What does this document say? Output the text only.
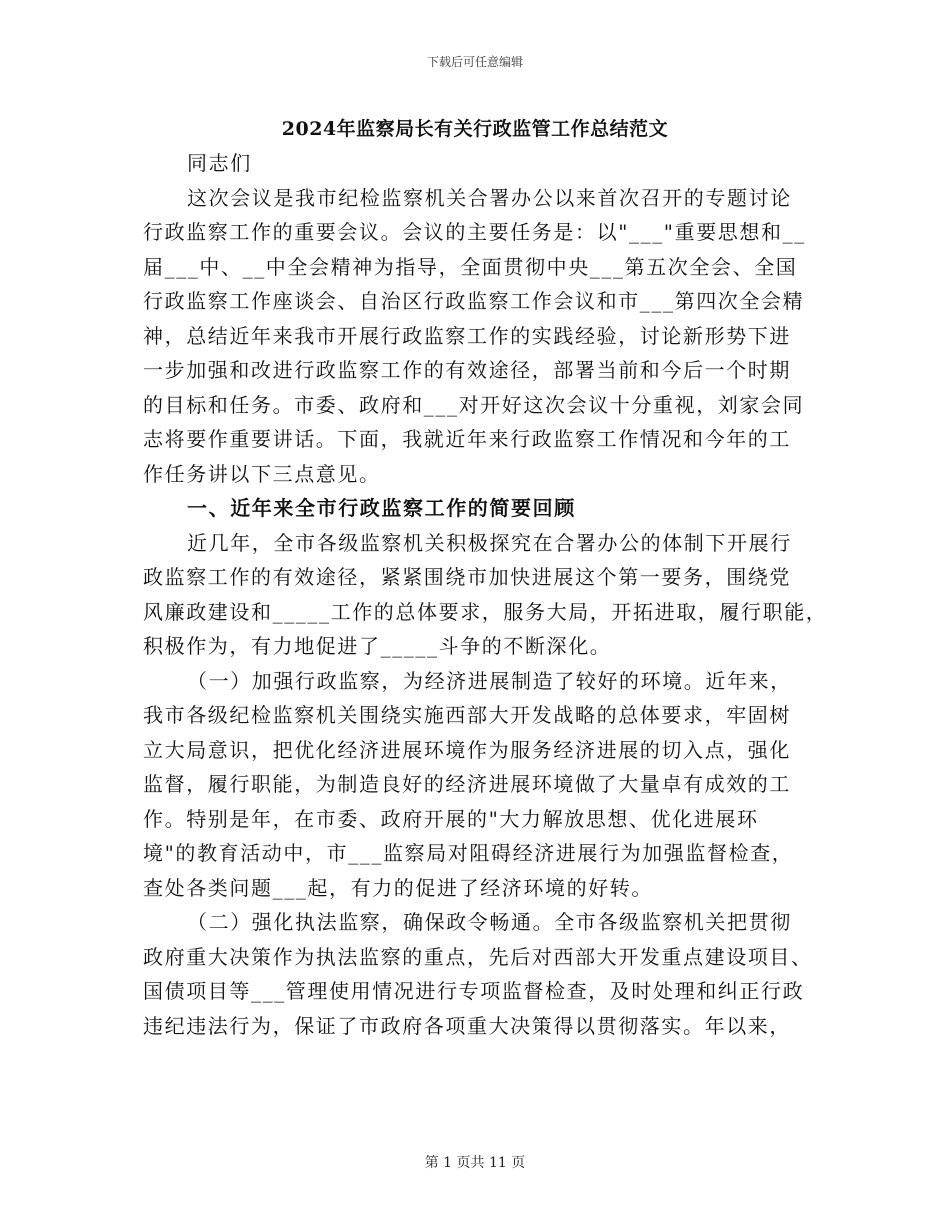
下载后可任意编辑
2024年监察局长有关行政监管工作总结范文
同志们
这次会议是我市纪检监察机关合署办公以来首次召开的专题讨论
行政监察工作的重要会议。会议的主要任务是：以"___"重要思想和__
届___中、__中全会精神为指导，全面贯彻中央___第五次全会、全国
行政监察工作座谈会、自治区行政监察工作会议和市___第四次全会精
神，总结近年来我市开展行政监察工作的实践经验，讨论新形势下进
一步加强和改进行政监察工作的有效途径，部署当前和今后一个时期
的目标和任务。市委、政府和___对开好这次会议十分重视，刘家会同
志将要作重要讲话。下面，我就近年来行政监察工作情况和今年的工
作任务讲以下三点意见。
一、近年来全市行政监察工作的简要回顾
近几年，全市各级监察机关积极探究在合署办公的体制下开展行
政监察工作的有效途径，紧紧围绕市加快进展这个第一要务，围绕党
风廉政建设和_____工作的总体要求，服务大局，开拓进取，履行职能，
积极作为，有力地促进了_____斗争的不断深化。
（一）加强行政监察，为经济进展制造了较好的环境。近年来，
我市各级纪检监察机关围绕实施西部大开发战略的总体要求，牢固树
立大局意识，把优化经济进展环境作为服务经济进展的切入点，强化
监督，履行职能，为制造良好的经济进展环境做了大量卓有成效的工
作。特别是年，在市委、政府开展的"大力解放思想、优化进展环
境"的教育活动中，市___监察局对阻碍经济进展行为加强监督检查，
查处各类问题___起，有力的促进了经济环境的好转。
（二）强化执法监察，确保政令畅通。全市各级监察机关把贯彻
政府重大决策作为执法监察的重点，先后对西部大开发重点建设项目、
国债项目等___管理使用情况进行专项监督检查，及时处理和纠正行政
违纪违法行为，保证了市政府各项重大决策得以贯彻落实。年以来，
第 1 页共 11 页
